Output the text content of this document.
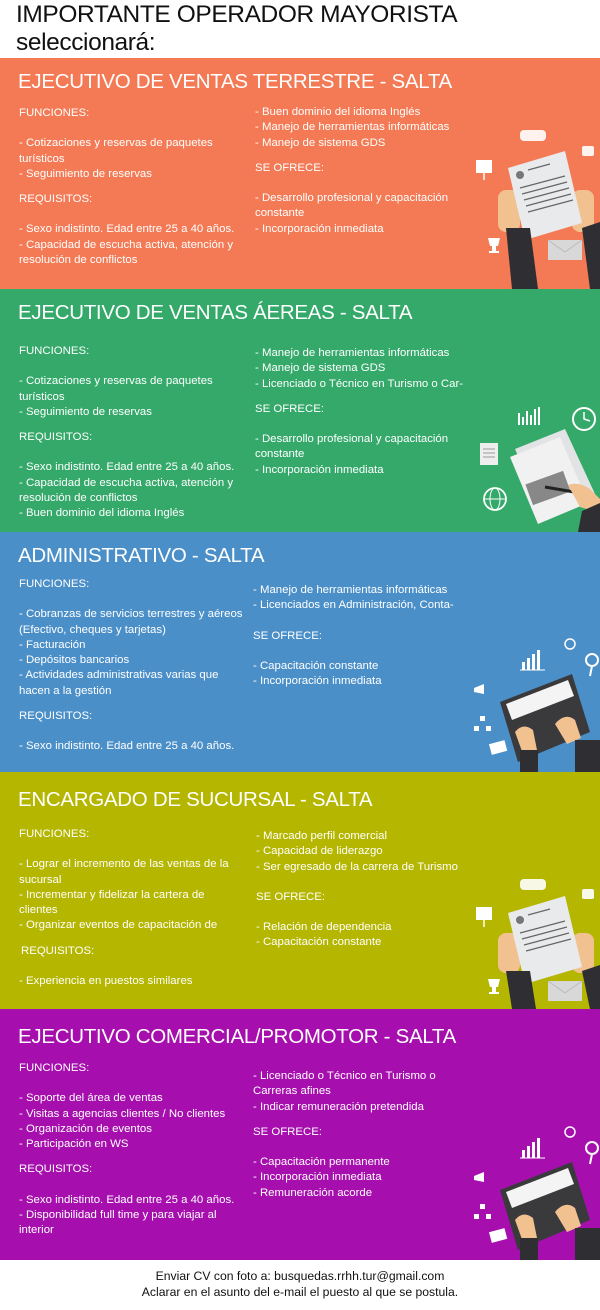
IMPORTANTE OPERADOR MAYORISTA seleccionará:
EJECUTIVO DE VENTAS TERRESTRE - SALTA
FUNCIONES:
- Cotizaciones y reservas de paquetes turísticos
- Seguimiento de reservas
REQUISITOS:
- Sexo indistinto. Edad entre 25 a 40 años.
- Capacidad de escucha activa, atención y resolución de conflictos
- Buen dominio del idioma Inglés
- Manejo de herramientas informáticas
- Manejo de sistema GDS
SE OFRECE:
- Desarrollo profesional y capacitación constante
- Incorporación inmediata
EJECUTIVO DE VENTAS ÁEREAS - SALTA
FUNCIONES:
- Cotizaciones y reservas de paquetes turísticos
- Seguimiento de reservas
REQUISITOS:
- Sexo indistinto. Edad entre 25 a 40 años.
- Capacidad de escucha activa, atención y resolución de conflictos
- Buen dominio del idioma Inglés
- Manejo de herramientas informáticas
- Manejo de sistema GDS
- Licenciado o Técnico en Turismo o Car-
SE OFRECE:
- Desarrollo profesional y capacitación constante
- Incorporación inmediata
ADMINISTRATIVO - SALTA
FUNCIONES:
- Cobranzas de servicios terrestres y aéreos (Efectivo, cheques y tarjetas)
- Facturación
- Depósitos bancarios
- Actividades administrativas varias que hacen a la gestión
REQUISITOS:
- Sexo indistinto. Edad entre 25 a 40 años.
- Manejo de herramientas informáticas
- Licenciados en Administración, Conta-
SE OFRECE:
- Capacitación constante
- Incorporación inmediata
ENCARGADO DE SUCURSAL - SALTA
FUNCIONES:
- Lograr el incremento de las ventas de la sucursal
- Incrementar y fidelizar la cartera de clientes
- Organizar eventos de capacitación de
REQUISITOS:
- Experiencia en puestos similares
- Marcado perfil comercial
- Capacidad de liderazgo
- Ser egresado de la carrera de Turismo
SE OFRECE:
- Relación de dependencia
- Capacitación constante
EJECUTIVO COMERCIAL/PROMOTOR - SALTA
FUNCIONES:
- Soporte del área de ventas
- Visitas a agencias clientes / No clientes
- Organización de eventos
- Participación en WS
REQUISITOS:
- Sexo indistinto. Edad entre 25 a 40 años.
- Disponibilidad full time y para viajar al interior
- Licenciado o Técnico en Turismo o Carreras afines
- Indicar remuneración pretendida
SE OFRECE:
- Capacitación permanente
- Incorporación inmediata
- Remuneración acorde
Enviar CV con foto a: busquedas.rrhh.tur@gmail.com
Aclarar en el asunto del e-mail el puesto al que se postula.
